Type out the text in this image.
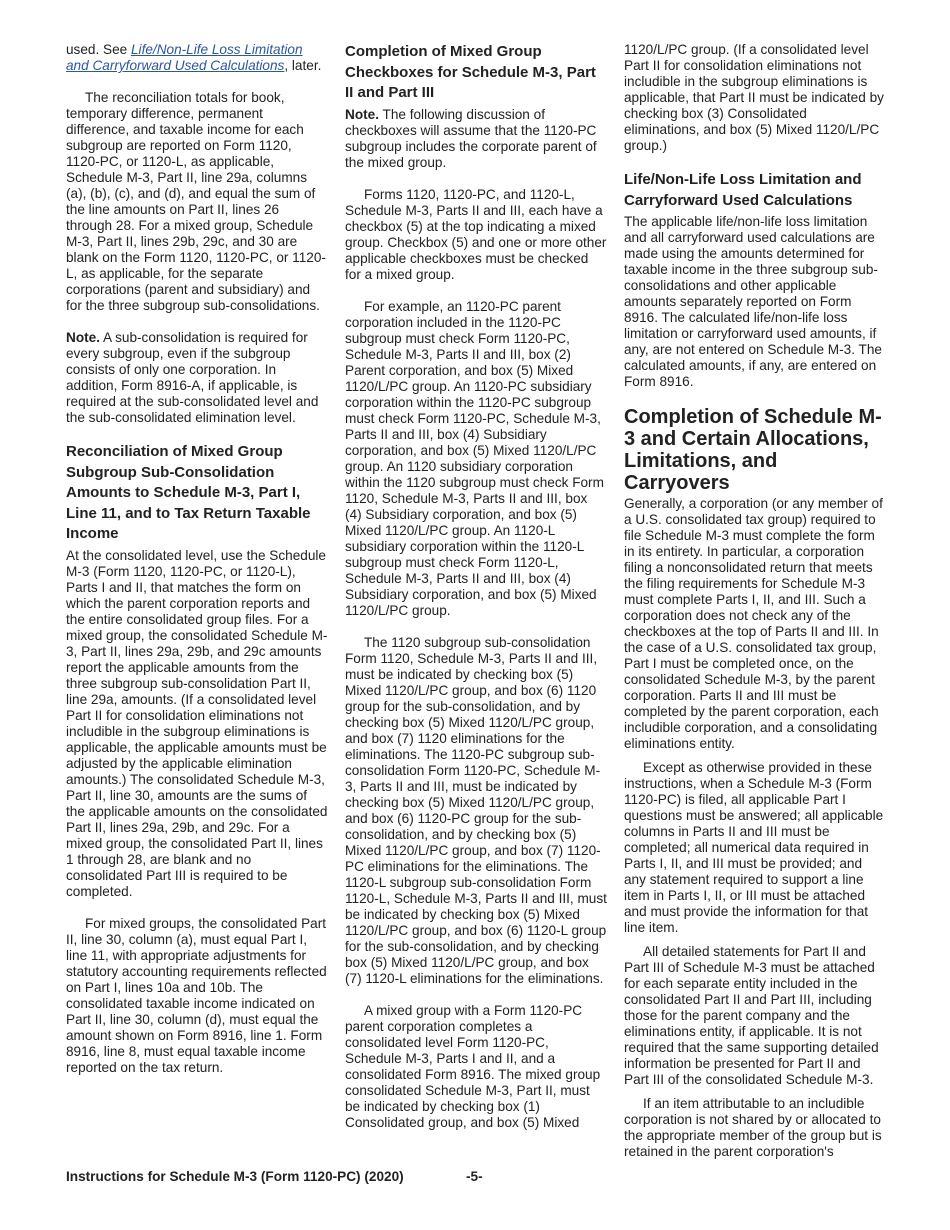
used. See Life/Non-Life Loss Limitation and Carryforward Used Calculations, later.

The reconciliation totals for book, temporary difference, permanent difference, and taxable income for each subgroup are reported on Form 1120, 1120-PC, or 1120-L, as applicable, Schedule M-3, Part II, line 29a, columns (a), (b), (c), and (d), and equal the sum of the line amounts on Part II, lines 26 through 28. For a mixed group, Schedule M-3, Part II, lines 29b, 29c, and 30 are blank on the Form 1120, 1120-PC, or 1120-L, as applicable, for the separate corporations (parent and subsidiary) and for the three subgroup sub-consolidations.

Note. A sub-consolidation is required for every subgroup, even if the subgroup consists of only one corporation. In addition, Form 8916-A, if applicable, is required at the sub-consolidated level and the sub-consolidated elimination level.

Reconciliation of Mixed Group Subgroup Sub-Consolidation Amounts to Schedule M-3, Part I, Line 11, and to Tax Return Taxable Income

At the consolidated level, use the Schedule M-3 (Form 1120, 1120-PC, or 1120-L), Parts I and II, that matches the form on which the parent corporation reports and the entire consolidated group files. For a mixed group, the consolidated Schedule M-3, Part II, lines 29a, 29b, and 29c amounts report the applicable amounts from the three subgroup sub-consolidation Part II, line 29a, amounts. (If a consolidated level Part II for consolidation eliminations not includible in the subgroup eliminations is applicable, the applicable amounts must be adjusted by the applicable elimination amounts.) The consolidated Schedule M-3, Part II, line 30, amounts are the sums of the applicable amounts on the consolidated Part II, lines 29a, 29b, and 29c. For a mixed group, the consolidated Part II, lines 1 through 28, are blank and no consolidated Part III is required to be completed.

For mixed groups, the consolidated Part II, line 30, column (a), must equal Part I, line 11, with appropriate adjustments for statutory accounting requirements reflected on Part I, lines 10a and 10b. The consolidated taxable income indicated on Part II, line 30, column (d), must equal the amount shown on Form 8916, line 1. Form 8916, line 8, must equal taxable income reported on the tax return.

Completion of Mixed Group Checkboxes for Schedule M-3, Part II and Part III

Note. The following discussion of checkboxes will assume that the 1120-PC subgroup includes the corporate parent of the mixed group.

Forms 1120, 1120-PC, and 1120-L, Schedule M-3, Parts II and III, each have a checkbox (5) at the top indicating a mixed group. Checkbox (5) and one or more other applicable checkboxes must be checked for a mixed group.

For example, an 1120-PC parent corporation included in the 1120-PC subgroup must check Form 1120-PC, Schedule M-3, Parts II and III, box (2) Parent corporation, and box (5) Mixed 1120/L/PC group. An 1120-PC subsidiary corporation within the 1120-PC subgroup must check Form 1120-PC, Schedule M-3, Parts II and III, box (4) Subsidiary corporation, and box (5) Mixed 1120/L/PC group. An 1120 subsidiary corporation within the 1120 subgroup must check Form 1120, Schedule M-3, Parts II and III, box (4) Subsidiary corporation, and box (5) Mixed 1120/L/PC group. An 1120-L subsidiary corporation within the 1120-L subgroup must check Form 1120-L, Schedule M-3, Parts II and III, box (4) Subsidiary corporation, and box (5) Mixed 1120/L/PC group.

The 1120 subgroup sub-consolidation Form 1120, Schedule M-3, Parts II and III, must be indicated by checking box (5) Mixed 1120/L/PC group, and box (6) 1120 group for the sub-consolidation, and by checking box (5) Mixed 1120/L/PC group, and box (7) 1120 eliminations for the eliminations. The 1120-PC subgroup sub-consolidation Form 1120-PC, Schedule M-3, Parts II and III, must be indicated by checking box (5) Mixed 1120/L/PC group, and box (6) 1120-PC group for the sub-consolidation, and by checking box (5) Mixed 1120/L/PC group, and box (7) 1120-PC eliminations for the eliminations. The 1120-L subgroup sub-consolidation Form 1120-L, Schedule M-3, Parts II and III, must be indicated by checking box (5) Mixed 1120/L/PC group, and box (6) 1120-L group for the sub-consolidation, and by checking box (5) Mixed 1120/L/PC group, and box (7) 1120-L eliminations for the eliminations.

A mixed group with a Form 1120-PC parent corporation completes a consolidated level Form 1120-PC, Schedule M-3, Parts I and II, and a consolidated Form 8916. The mixed group consolidated Schedule M-3, Part II, must be indicated by checking box (1) Consolidated group, and box (5) Mixed

1120/L/PC group. (If a consolidated level Part II for consolidation eliminations not includible in the subgroup eliminations is applicable, that Part II must be indicated by checking box (3) Consolidated eliminations, and box (5) Mixed 1120/L/PC group.)

Life/Non-Life Loss Limitation and Carryforward Used Calculations

The applicable life/non-life loss limitation and all carryforward used calculations are made using the amounts determined for taxable income in the three subgroup sub-consolidations and other applicable amounts separately reported on Form 8916. The calculated life/non-life loss limitation or carryforward used amounts, if any, are not entered on Schedule M-3. The calculated amounts, if any, are entered on Form 8916.

Completion of Schedule M-3 and Certain Allocations, Limitations, and Carryovers

Generally, a corporation (or any member of a U.S. consolidated tax group) required to file Schedule M-3 must complete the form in its entirety. In particular, a corporation filing a nonconsolidated return that meets the filing requirements for Schedule M-3 must complete Parts I, II, and III. Such a corporation does not check any of the checkboxes at the top of Parts II and III. In the case of a U.S. consolidated tax group, Part I must be completed once, on the consolidated Schedule M-3, by the parent corporation. Parts II and III must be completed by the parent corporation, each includible corporation, and a consolidating eliminations entity.

Except as otherwise provided in these instructions, when a Schedule M-3 (Form 1120-PC) is filed, all applicable Part I questions must be answered; all applicable columns in Parts II and III must be completed; all numerical data required in Parts I, II, and III must be provided; and any statement required to support a line item in Parts I, II, or III must be attached and must provide the information for that line item.

All detailed statements for Part II and Part III of Schedule M-3 must be attached for each separate entity included in the consolidated Part II and Part III, including those for the parent company and the eliminations entity, if applicable. It is not required that the same supporting detailed information be presented for Part II and Part III of the consolidated Schedule M-3.

If an item attributable to an includible corporation is not shared by or allocated to the appropriate member of the group but is retained in the parent corporation's

Instructions for Schedule M-3 (Form 1120-PC) (2020)	-5-
